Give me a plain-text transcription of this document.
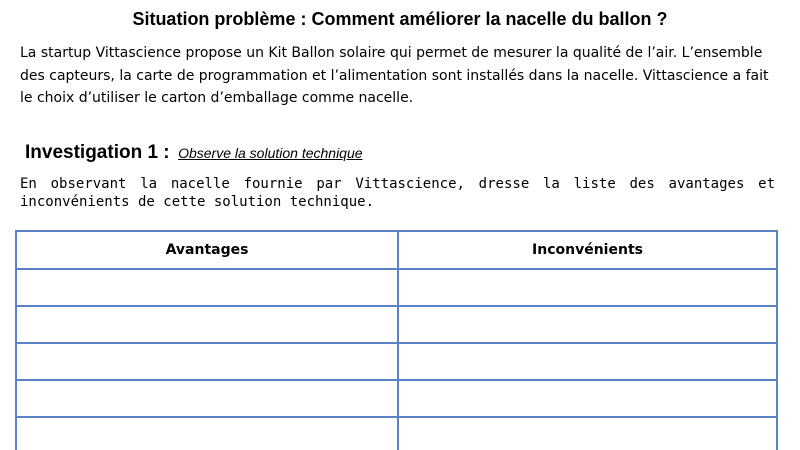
Situation problème : Comment améliorer la nacelle du ballon ?

La startup Vittascience propose un Kit Ballon solaire qui permet de mesurer la qualité de l’air. L’ensemble

des capteurs, la carte de programmation et l’alimentation sont installés dans la nacelle. Vittascience a fait

le choix d’utiliser le carton d’emballage comme nacelle.

Investigation 1 : Observe la solution technique
En observant la nacelle fournie par Vittascience, dresse la liste des avantages et
inconvénients de cette solution technique.
Avantages	Inconvénients
